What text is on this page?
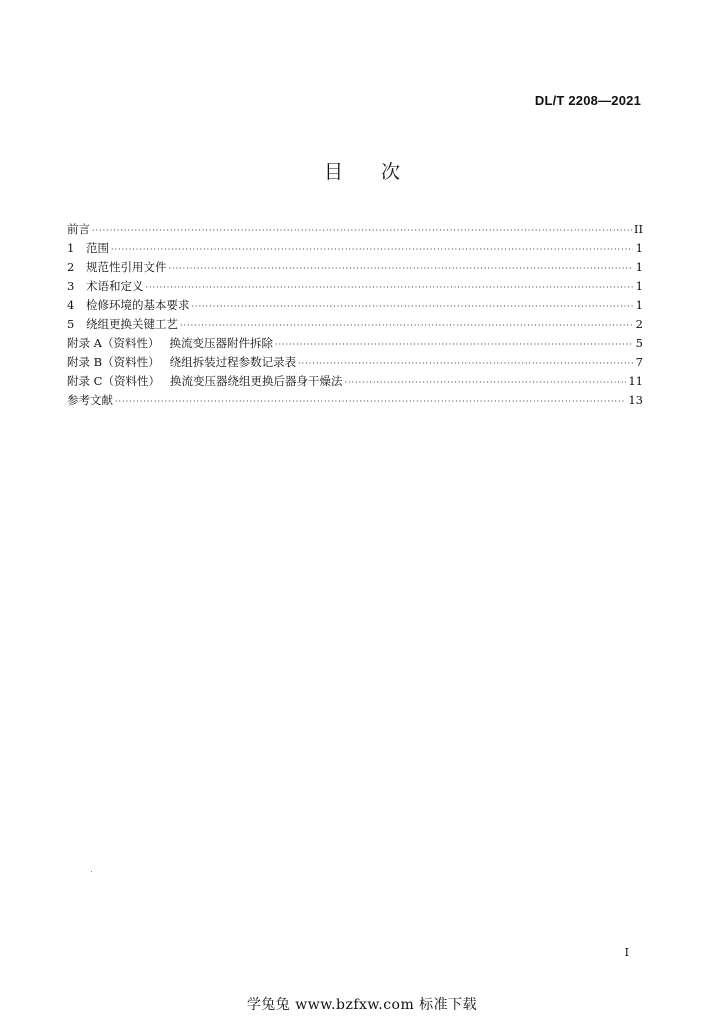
DL/T 2208—2021
目次
前言 ·····	II
1	范围 ·····	1
2	规范性引用文件 ·····	1
3	术语和定义 ·····	1
4	检修环境的基本要求 ·····	1
5	绕组更换关键工艺 ·····	2
附录 A（资料性） 换流变压器附件拆除 ·····	5
附录 B（资料性） 绕组拆装过程参数记录表 ·····	7
附录 C（资料性） 换流变压器绕组更换后器身干燥法 ·····	11
参考文献 ·····	13
I
学兔兔 www.bzfxw.com 标准下载
